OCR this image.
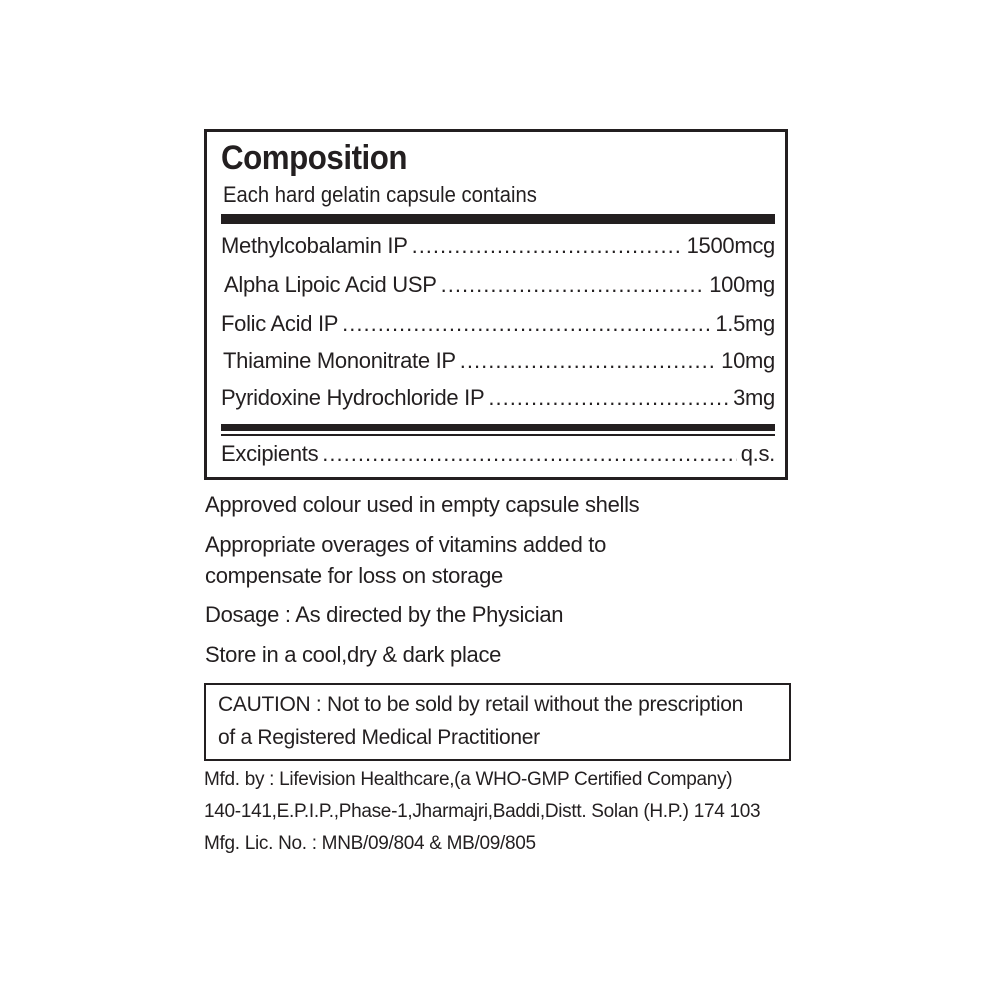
Composition
Each hard gelatin capsule contains
Methylcobalamin IP .....	1500mcg
Alpha Lipoic Acid USP .....	100mg
Folic Acid IP .....	1.5mg
Thiamine Mononitrate IP .....	10mg
Pyridoxine Hydrochloride IP .....	3mg
Excipients .....	q.s.
Approved colour used in empty capsule shells
Appropriate overages of vitamins added to
compensate for loss on storage
Dosage : As directed by the Physician
Store in a cool,dry & dark place
CAUTION : Not to be sold by retail without the prescription
of a Registered Medical Practitioner
Mfd. by : Lifevision Healthcare,(a WHO-GMP Certified Company)
140-141,E.P.I.P.,Phase-1,Jharmajri,Baddi,Distt. Solan (H.P.) 174 103
Mfg. Lic. No. : MNB/09/804 & MB/09/805
